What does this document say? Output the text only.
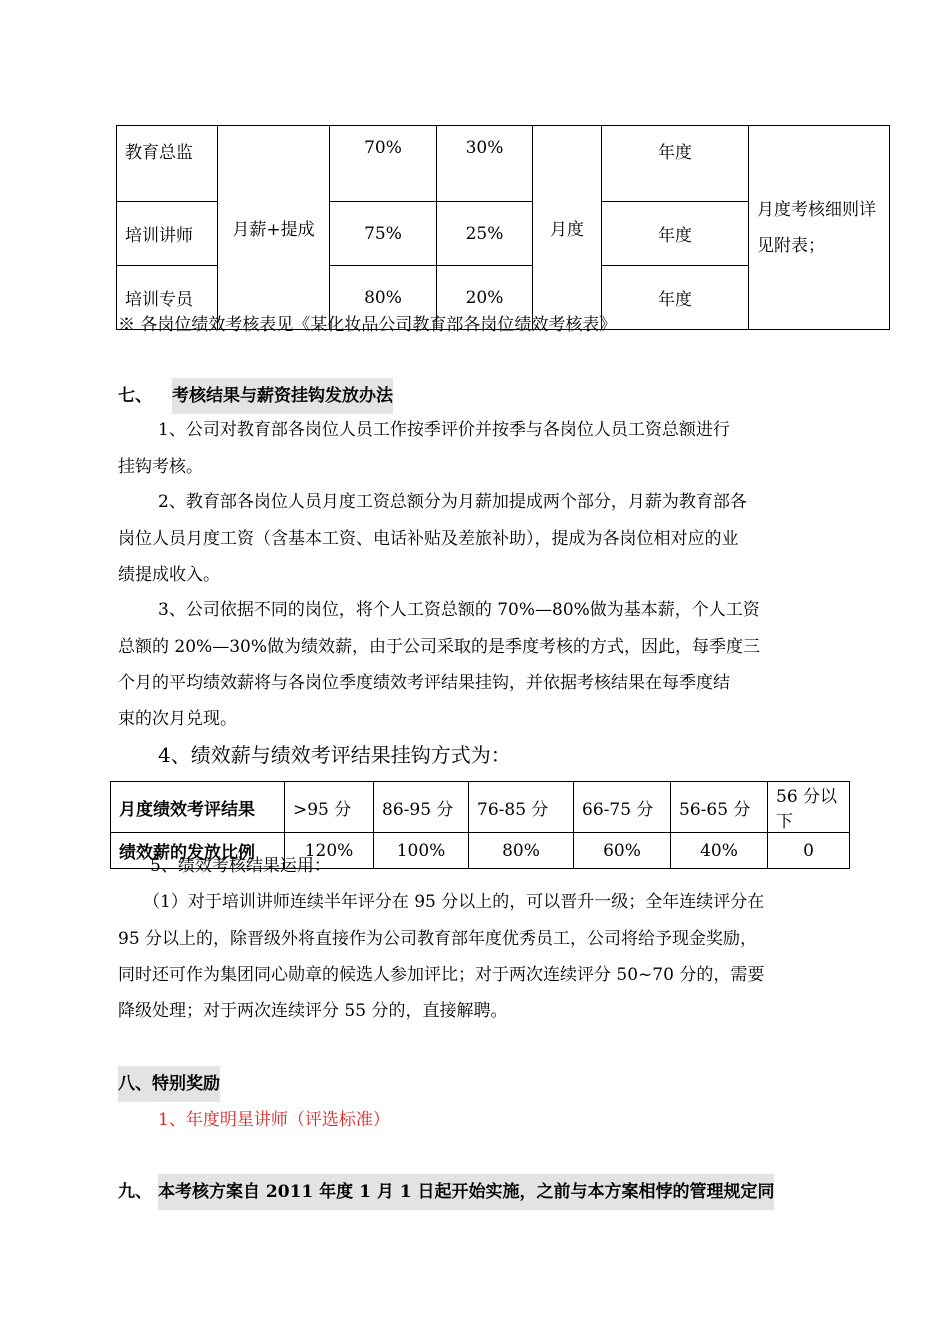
教育总监	月薪+提成	70%	30%	月度	年度	月度考核细则详见附表；
培训讲师		75%	25%		年度	
培训专员		80%	20%		年度	

※ 各岗位绩效考核表见《某化妆品公司教育部各岗位绩效考核表》

七、 考核结果与薪资挂钩发放办法

1、公司对教育部各岗位人员工作按季评价并按季与各岗位人员工资总额进行

挂钩考核。

2、教育部各岗位人员月度工资总额分为月薪加提成两个部分，月薪为教育部各

岗位人员月度工资（含基本工资、电话补贴及差旅补助），提成为各岗位相对应的业

绩提成收入。

3、公司依据不同的岗位，将个人工资总额的 70%—80%做为基本薪，个人工资

总额的 20%—30%做为绩效薪，由于公司采取的是季度考核的方式，因此，每季度三

个月的平均绩效薪将与各岗位季度绩效考评结果挂钩，并依据考核结果在每季度结

束的次月兑现。

4、绩效薪与绩效考评结果挂钩方式为：

月度绩效考评结果	>95 分	86-95 分	76-85 分	66-75 分	56-65 分	56 分以下
绩效薪的发放比例	120%	100%	80%	60%	40%	0

5、绩效考核结果运用：

（1）对于培训讲师连续半年评分在 95 分以上的，可以晋升一级；全年连续评分在

95 分以上的，除晋级外将直接作为公司教育部年度优秀员工，公司将给予现金奖励，

同时还可作为集团同心勋章的候选人参加评比；对于两次连续评分 50~70 分的，需要

降级处理；对于两次连续评分 55 分的，直接解聘。

八、特别奖励

1、年度明星讲师（评选标准）

九、 本考核方案自 2011 年度 1 月 1 日起开始实施，之前与本方案相悖的管理规定同
